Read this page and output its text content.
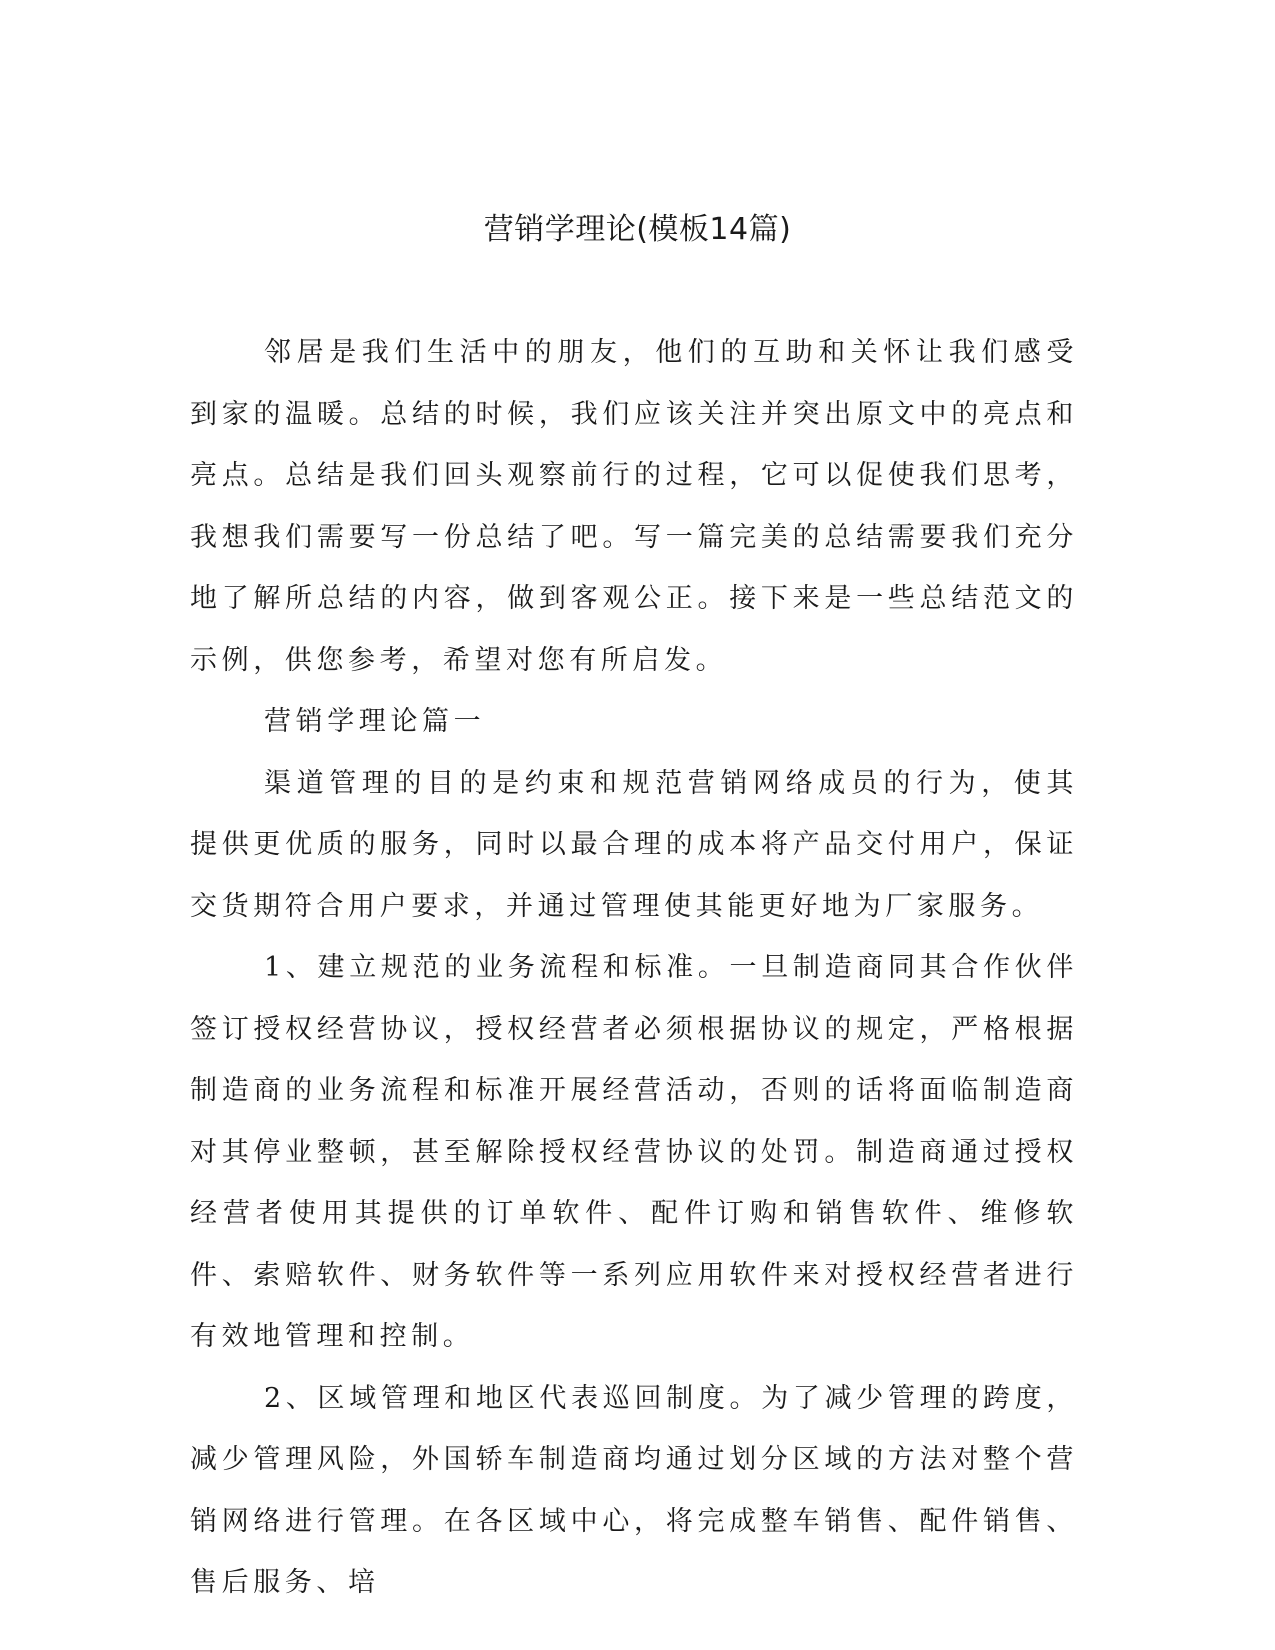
营销学理论(模板14篇)

邻居是我们生活中的朋友，他们的互助和关怀让我们感受到家的温暖。总结的时候，我们应该关注并突出原文中的亮点和亮点。总结是我们回头观察前行的过程，它可以促使我们思考，我想我们需要写一份总结了吧。写一篇完美的总结需要我们充分地了解所总结的内容，做到客观公正。接下来是一些总结范文的示例，供您参考，希望对您有所启发。

营销学理论篇一

渠道管理的目的是约束和规范营销网络成员的行为，使其提供更优质的服务，同时以最合理的成本将产品交付用户，保证交货期符合用户要求，并通过管理使其能更好地为厂家服务。

1、建立规范的业务流程和标准。一旦制造商同其合作伙伴签订授权经营协议，授权经营者必须根据协议的规定，严格根据制造商的业务流程和标准开展经营活动，否则的话将面临制造商对其停业整顿，甚至解除授权经营协议的处罚。制造商通过授权经营者使用其提供的订单软件、配件订购和销售软件、维修软件、索赔软件、财务软件等一系列应用软件来对授权经营者进行有效地管理和控制。

2、区域管理和地区代表巡回制度。为了减少管理的跨度，减少管理风险，外国轿车制造商均通过划分区域的方法对整个营销网络进行管理。在各区域中心，将完成整车销售、配件销售、售后服务、培
